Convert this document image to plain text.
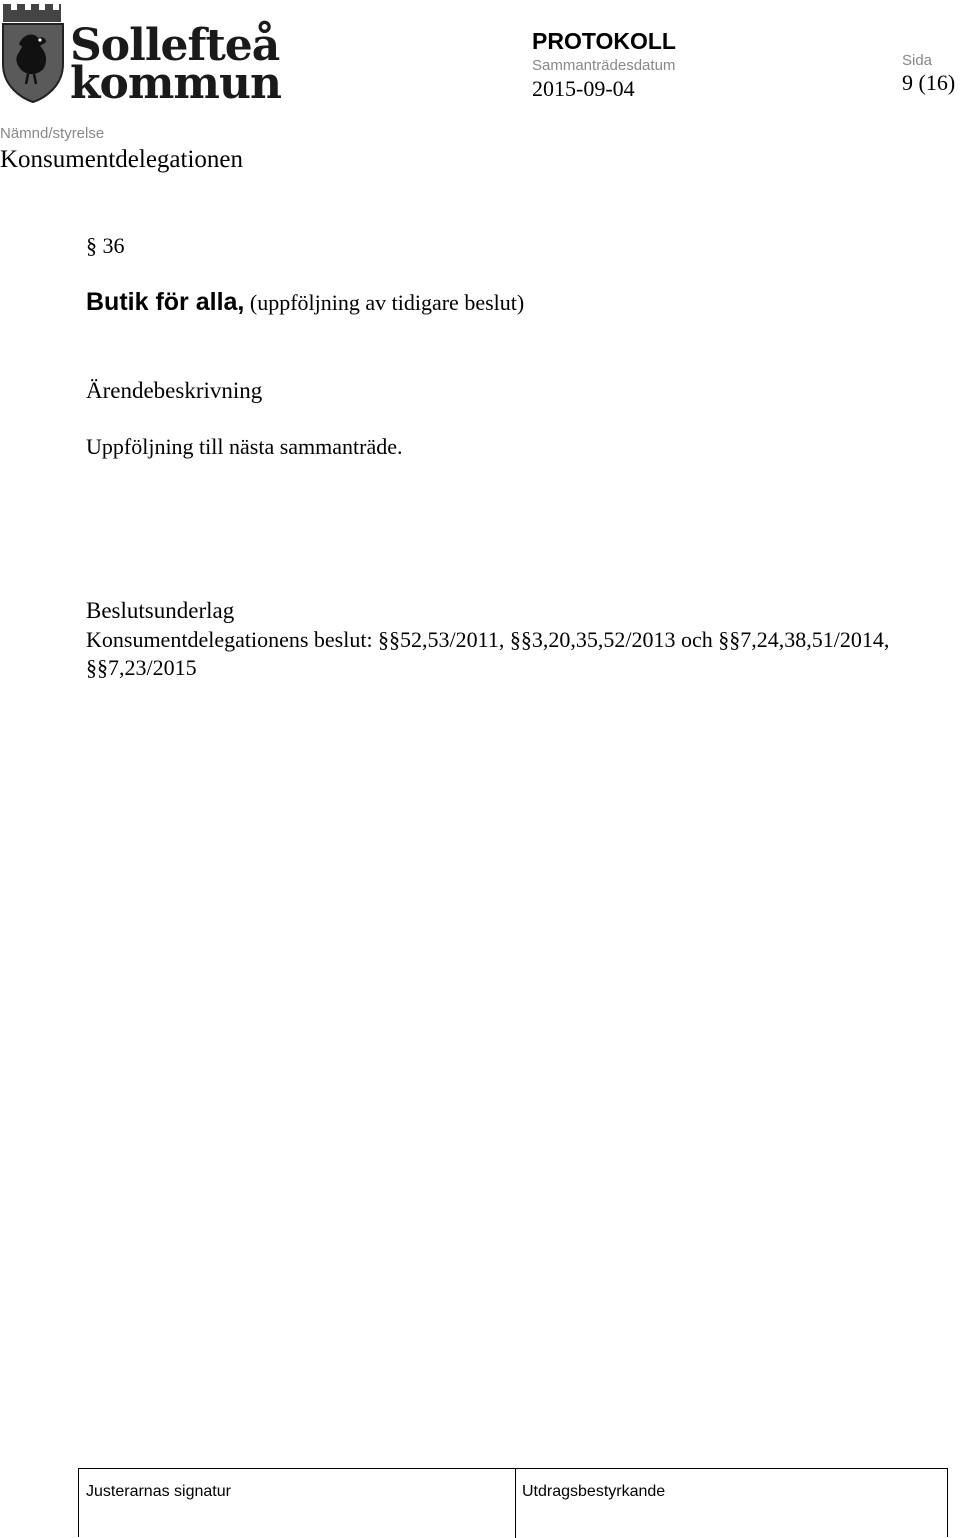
Sollefteå
kommun
PROTOKOLL
Sammanträdesdatum
2015-09-04
Sida
9 (16)
Nämnd/styrelse
Konsumentdelegationen
§ 36
Butik för alla, (uppföljning av tidigare beslut)
Ärendebeskrivning
Uppföljning till nästa sammanträde.
Beslutsunderlag
Konsumentdelegationens beslut: §§52,53/2011, §§3,20,35,52/2013 och §§7,24,38,51/2014, §§7,23/2015
Justerarnas signatur	Utdragsbestyrkande
